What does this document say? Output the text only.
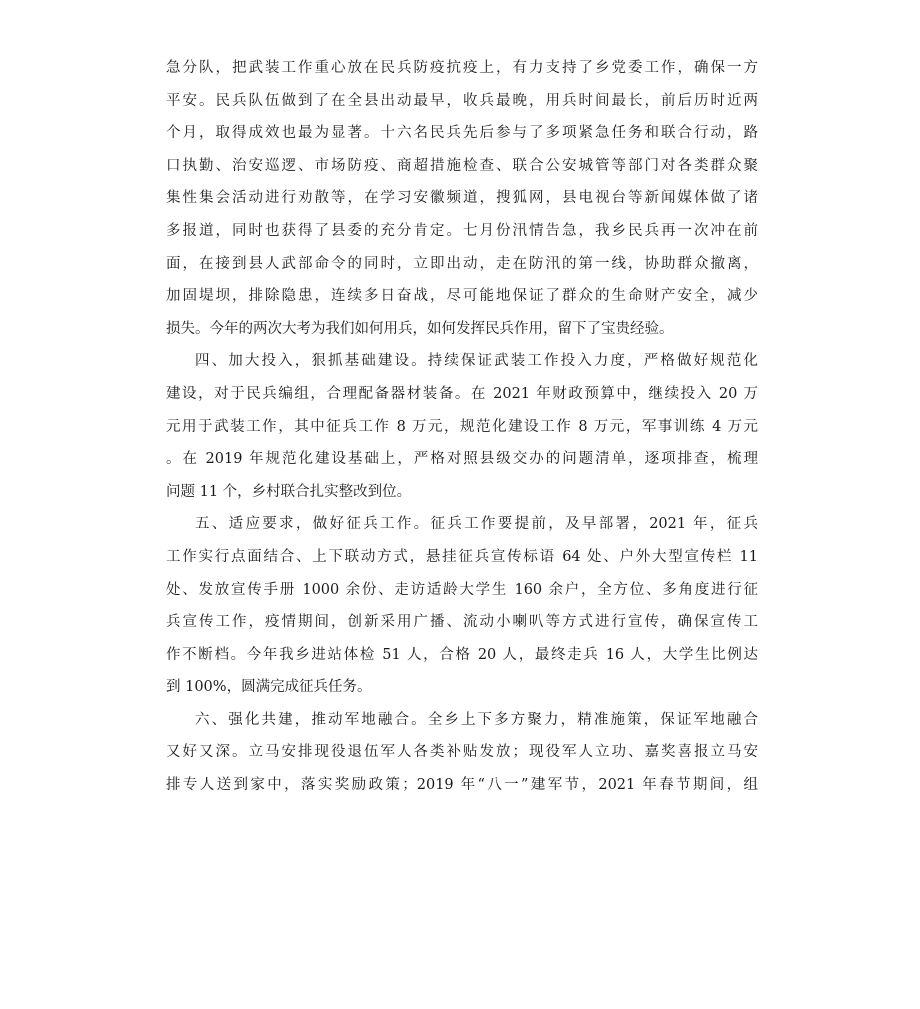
急分队，把武装工作重心放在民兵防疫抗疫上，有力支持了乡党委工作，确保一方
平安。民兵队伍做到了在全县出动最早，收兵最晚，用兵时间最长，前后历时近两
个月，取得成效也最为显著。十六名民兵先后参与了多项紧急任务和联合行动，路
口执勤、治安巡逻、市场防疫、商超措施检查、联合公安城管等部门对各类群众聚
集性集会活动进行劝散等，在学习安徽频道，搜狐网，县电视台等新闻媒体做了诸
多报道，同时也获得了县委的充分肯定。七月份汛情告急，我乡民兵再一次冲在前
面，在接到县人武部命令的同时，立即出动，走在防汛的第一线，协助群众撤离，
加固堤坝，排除隐患，连续多日奋战，尽可能地保证了群众的生命财产安全，减少
损失。今年的两次大考为我们如何用兵，如何发挥民兵作用，留下了宝贵经验。
四、加大投入，狠抓基础建设。持续保证武装工作投入力度，严格做好规范化
建设，对于民兵编组，合理配备器材装备。在 2021 年财政预算中，继续投入 20 万
元用于武装工作，其中征兵工作 8 万元，规范化建设工作 8 万元，军事训练 4 万元
。在 2019 年规范化建设基础上，严格对照县级交办的问题清单，逐项排查，梳理
问题 11 个，乡村联合扎实整改到位。
五、适应要求，做好征兵工作。征兵工作要提前，及早部署，2021 年，征兵
工作实行点面结合、上下联动方式，悬挂征兵宣传标语 64 处、户外大型宣传栏 11
处、发放宣传手册 1000 余份、走访适龄大学生 160 余户，全方位、多角度进行征
兵宣传工作，疫情期间，创新采用广播、流动小喇叭等方式进行宣传，确保宣传工
作不断档。今年我乡进站体检 51 人，合格 20 人，最终走兵 16 人，大学生比例达
到 100%，圆满完成征兵任务。
六、强化共建，推动军地融合。全乡上下多方聚力，精准施策，保证军地融合
又好又深。立马安排现役退伍军人各类补贴发放；现役军人立功、嘉奖喜报立马安
排专人送到家中，落实奖励政策；2019 年“八一”建军节，2021 年春节期间，组
